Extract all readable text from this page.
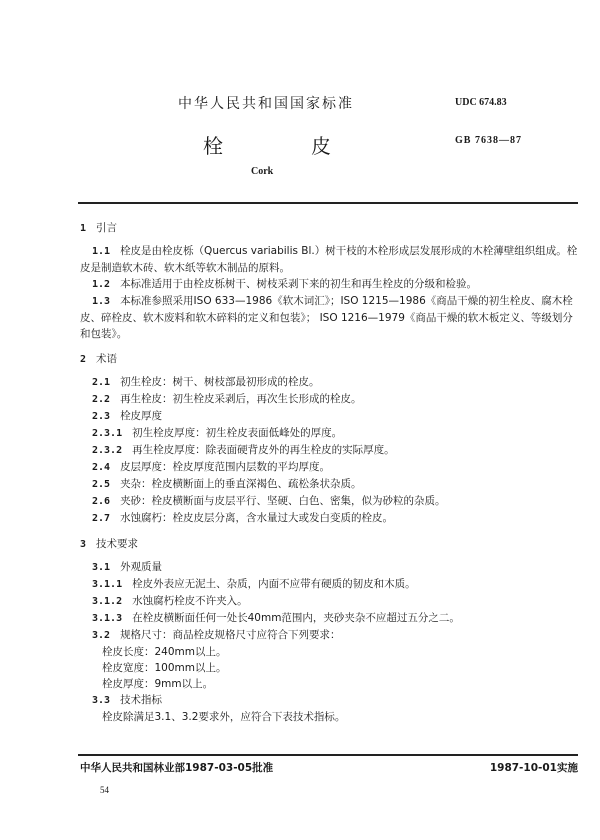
中华人民共和国国家标准	UDC 674.83
栓	皮	GB 7638—87
Cork
1 引言
1.1 栓皮是由栓皮栎（Quercus variabilis Bl.）树干枝的木栓形成层发展形成的木栓薄壁组织组成。栓皮是制造软木砖、软木纸等软木制品的原料。
1.2 本标准适用于由栓皮栎树干、树枝采剥下来的初生和再生栓皮的分级和检验。
1.3 本标准参照采用ISO 633—1986《软木词汇》；ISO 1215—1986《商品干燥的初生栓皮、腐木栓皮、碎栓皮、软木废料和软木碎料的定义和包装》； ISO 1216—1979《商品干燥的软木板定义、等级划分和包装》。
2 术语
2.1 初生栓皮：树干、树枝部最初形成的栓皮。
2.2 再生栓皮：初生栓皮采剥后，再次生长形成的栓皮。
2.3 栓皮厚度
2.3.1 初生栓皮厚度：初生栓皮表面低峰处的厚度。
2.3.2 再生栓皮厚度：除表面硬背皮外的再生栓皮的实际厚度。
2.4 皮层厚度：栓皮厚度范围内层数的平均厚度。
2.5 夹杂：栓皮横断面上的垂直深褐色、疏松条状杂质。
2.6 夹砂：栓皮横断面与皮层平行、坚硬、白色、密集，似为砂粒的杂质。
2.7 水蚀腐朽：栓皮皮层分离，含水量过大或发白变质的栓皮。
3 技术要求
3.1 外观质量
3.1.1 栓皮外表应无泥土、杂质，内面不应带有硬质的韧皮和木质。
3.1.2 水蚀腐朽栓皮不许夹入。
3.1.3 在栓皮横断面任何一处长40mm范围内，夹砂夹杂不应超过五分之二。
3.2 规格尺寸：商品栓皮规格尺寸应符合下列要求：
栓皮长度：240mm以上。
栓皮宽度：100mm以上。
栓皮厚度：9mm以上。
3.3 技术指标
栓皮除满足3.1、3.2要求外，应符合下表技术指标。
中华人民共和国林业部1987-03-05批准	1987-10-01实施
54
